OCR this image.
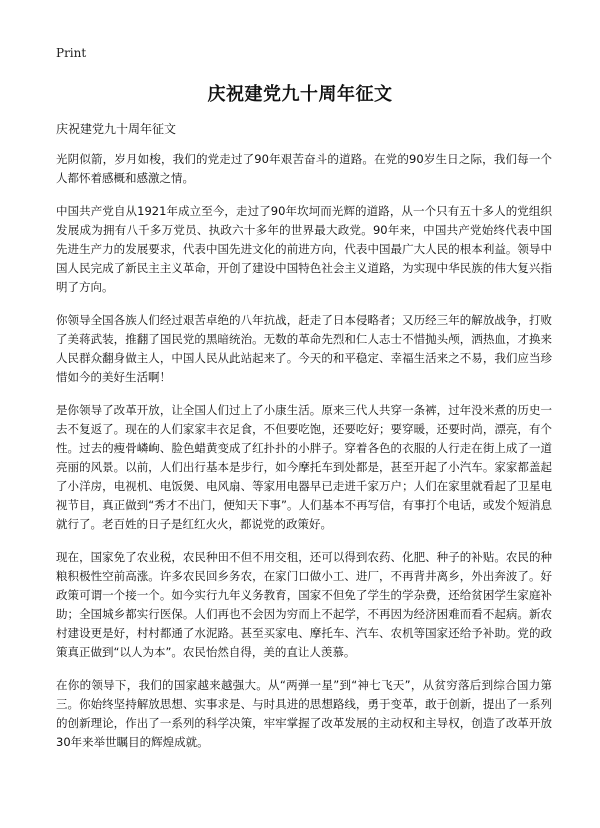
Print
庆祝建党九十周年征文

庆祝建党九十周年征文

光阴似箭，岁月如梭，我们的党走过了90年艰苦奋斗的道路。在党的90岁生日之际，我们每一个人都怀着感概和感激之情。

中国共产党自从1921年成立至今，走过了90年坎坷而光辉的道路，从一个只有五十多人的党组织发展成为拥有八千多万党员、执政六十多年的世界最大政党。90年来，中国共产党始终代表中国先进生产力的发展要求，代表中国先进文化的前进方向，代表中国最广大人民的根本利益。领导中国人民完成了新民主主义革命，开创了建设中国特色社会主义道路，为实现中华民族的伟大复兴指明了方向。

你领导全国各族人们经过艰苦卓绝的八年抗战，赶走了日本侵略者；又历经三年的解放战争，打败了美蒋武装，推翻了国民党的黑暗统治。无数的革命先烈和仁人志士不惜抛头颅，洒热血，才换来人民群众翻身做主人，中国人民从此站起来了。今天的和平稳定、幸福生活来之不易，我们应当珍惜如今的美好生活啊！

是你领导了改革开放，让全国人们过上了小康生活。原来三代人共穿一条裤，过年没米煮的历史一去不复返了。现在的人们家家丰衣足食，不但要吃饱，还要吃好；要穿暖，还要时尚，漂亮，有个性。过去的瘦骨嶙峋、脸色蜡黄变成了红扑扑的小胖子。穿着各色的衣服的人行走在街上成了一道亮丽的风景。以前，人们出行基本是步行，如今摩托车到处都是，甚至开起了小汽车。家家都盖起了小洋房，电视机、电饭煲、电风扇、等家用电器早已走进千家万户；人们在家里就看起了卫星电视节目，真正做到“秀才不出门，便知天下事”。人们基本不再写信，有事打个电话，或发个短消息就行了。老百姓的日子是红红火火，都说党的政策好。

现在，国家免了农业税，农民种田不但不用交租，还可以得到农药、化肥、种子的补贴。农民的种粮积极性空前高涨。许多农民回乡务农，在家门口做小工、进厂，不再背井离乡，外出奔波了。好政策可谓一个接一个。如今实行九年义务教育，国家不但免了学生的学杂费，还给贫困学生家庭补助；全国城乡都实行医保。人们再也不会因为穷而上不起学，不再因为经济困难而看不起病。新农村建设更是好，村村都通了水泥路。甚至买家电、摩托车、汽车、农机等国家还给予补助。党的政策真正做到“以人为本”。农民怡然自得，美的直让人羡慕。

在你的领导下，我们的国家越来越强大。从“两弹一星”到“神七飞天”，从贫穷落后到综合国力第三。你始终坚持解放思想、实事求是、与时具进的思想路线，勇于变革，敢于创新，提出了一系列的创新理论，作出了一系列的科学决策，牢牢掌握了改革发展的主动权和主导权，创造了改革开放30年来举世瞩目的辉煌成就。
